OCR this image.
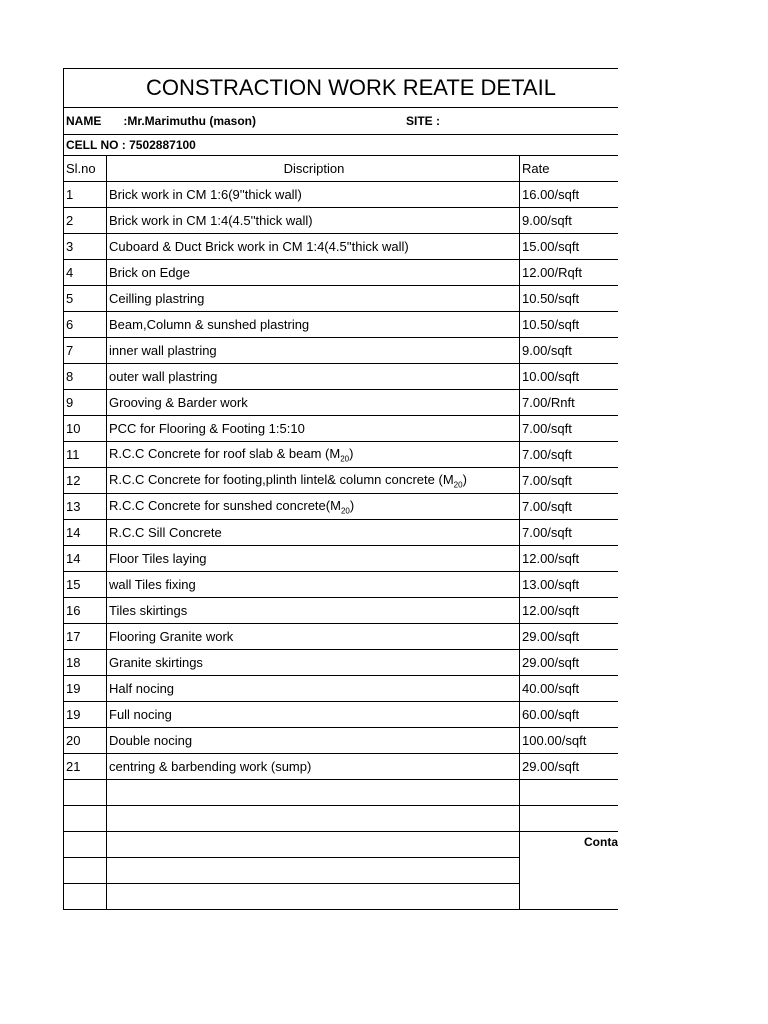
CONSTRACTION WORK REATE DETAIL
NAME :Mr.Marimuthu (mason)	SITE :
CELL NO : 7502887100
Sl.no	Discription	Rate
1	Brick work in CM 1:6(9''thick wall)	16.00/sqft
2	Brick work in CM 1:4(4.5''thick wall)	9.00/sqft
3	Cuboard & Duct Brick work in CM 1:4(4.5''thick wall)	15.00/sqft
4	Brick on Edge	12.00/Rqft
5	Ceilling plastring	10.50/sqft
6	Beam,Column & sunshed plastring	10.50/sqft
7	inner wall plastring	9.00/sqft
8	outer wall plastring	10.00/sqft
9	Grooving & Barder work	7.00/Rnft
10	PCC for Flooring & Footing 1:5:10	7.00/sqft
11	R.C.C Concrete for roof slab & beam $(M_{20})$	7.00/sqft
12	R.C.C Concrete for footing,plinth lintel& column concrete $(M_{20})$	7.00/sqft
13	R.C.C Concrete for sunshed $concrete(M_{20})$	7.00/sqft
14	R.C.C Sill Concrete	7.00/sqft
14	Floor Tiles laying	12.00/sqft
15	wall Tiles fixing	13.00/sqft
16	Tiles skirtings	12.00/sqft
17	Flooring Granite work	29.00/sqft
18	Granite skirtings	29.00/sqft
19	Half nocing	40.00/sqft
19	Full nocing	60.00/sqft
20	Double nocing	100.00/sqft
21	centring & barbending work (sump)	29.00/sqft

		Conta
